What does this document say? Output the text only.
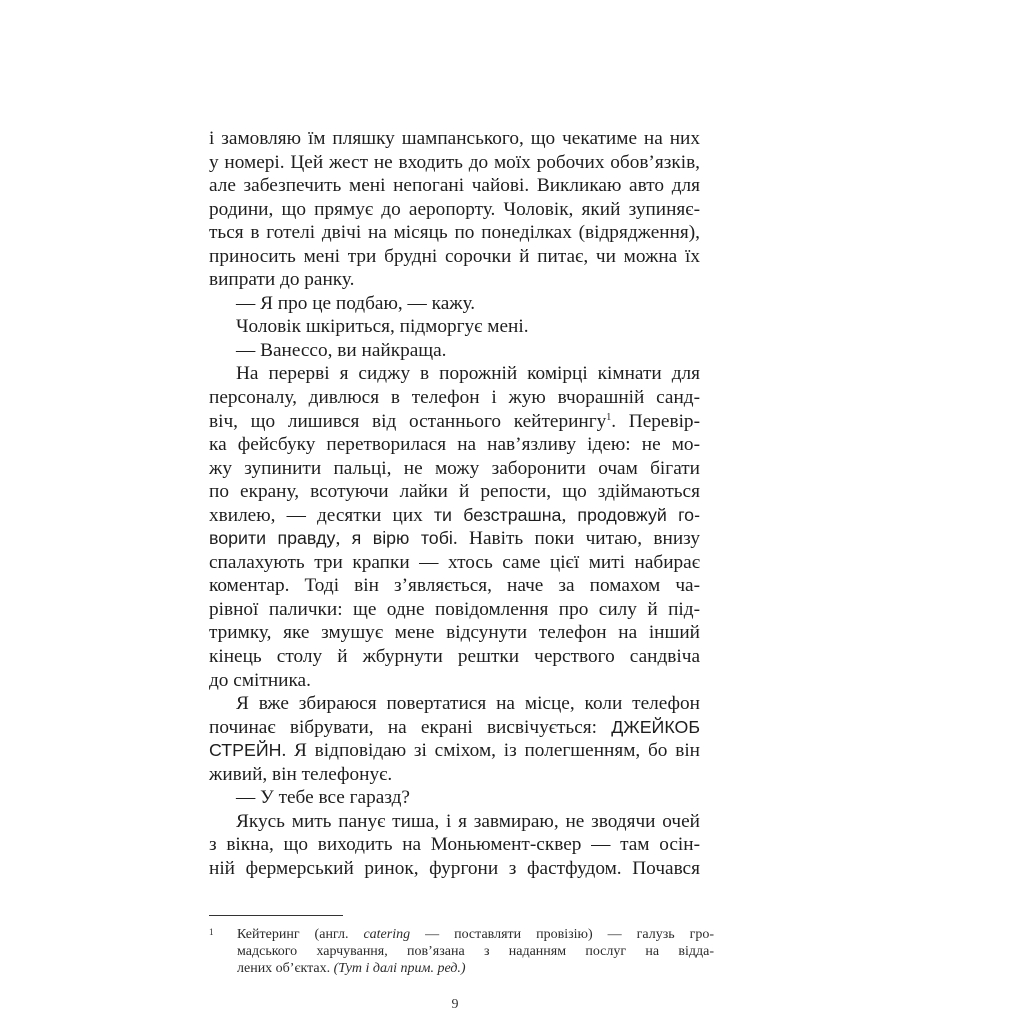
і замовляю їм пляшку шампанського, що чекатиме на них
у номері. Цей жест не входить до моїх робочих обов’язків,
але забезпечить мені непогані чайові. Викликаю авто для
родини, що прямує до аеропорту. Чоловік, який зупиняє-
ться в готелі двічі на місяць по понеділках (відрядження),
приносить мені три брудні сорочки й питає, чи можна їх
випрати до ранку.
— Я про це подбаю, — кажу.
Чоловік шкіриться, підморгує мені.
— Ванессо, ви найкраща.
На перерві я сиджу в порожній комірці кімнати для
персоналу, дивлюся в телефон і жую вчорашній санд-
віч, що лишився від останнього кейтерингу$^1$. Перевір-
ка фейсбуку перетворилася на нав’язливу ідею: не мо-
жу зупинити пальці, не можу заборонити очам бігати
по екрану, всотуючи лайки й репости, що здіймаються
хвилею, — десятки цих ти безстрашна, продовжуй го-
ворити правду, я вірю тобі. Навіть поки читаю, внизу
спалахують три крапки — хтось саме цієї миті набирає
коментар. Тоді він з’являється, наче за помахом ча-
рівної палички: ще одне повідомлення про силу й під-
тримку, яке змушує мене відсунути телефон на інший
кінець столу й жбурнути рештки черствого сандвіча
до смітника.
Я вже збираюся повертатися на місце, коли телефон
починає вібрувати, на екрані висвічується: ДЖЕЙКОБ
СТРЕЙН. Я відповідаю зі сміхом, із полегшенням, бо він
живий, він телефонує.
— У тебе все гаразд?
Якусь мить панує тиша, і я завмираю, не зводячи очей
з вікна, що виходить на Моньюмент-сквер — там осін-
ній фермерський ринок, фургони з фастфудом. Почався
1 Кейтеринг (англ. catering — поставляти провізію) — галузь гро-
мадського харчування, пов’язана з наданням послуг на віддa-
лених об’єктах. (Тут і далі прим. ред.)
9
